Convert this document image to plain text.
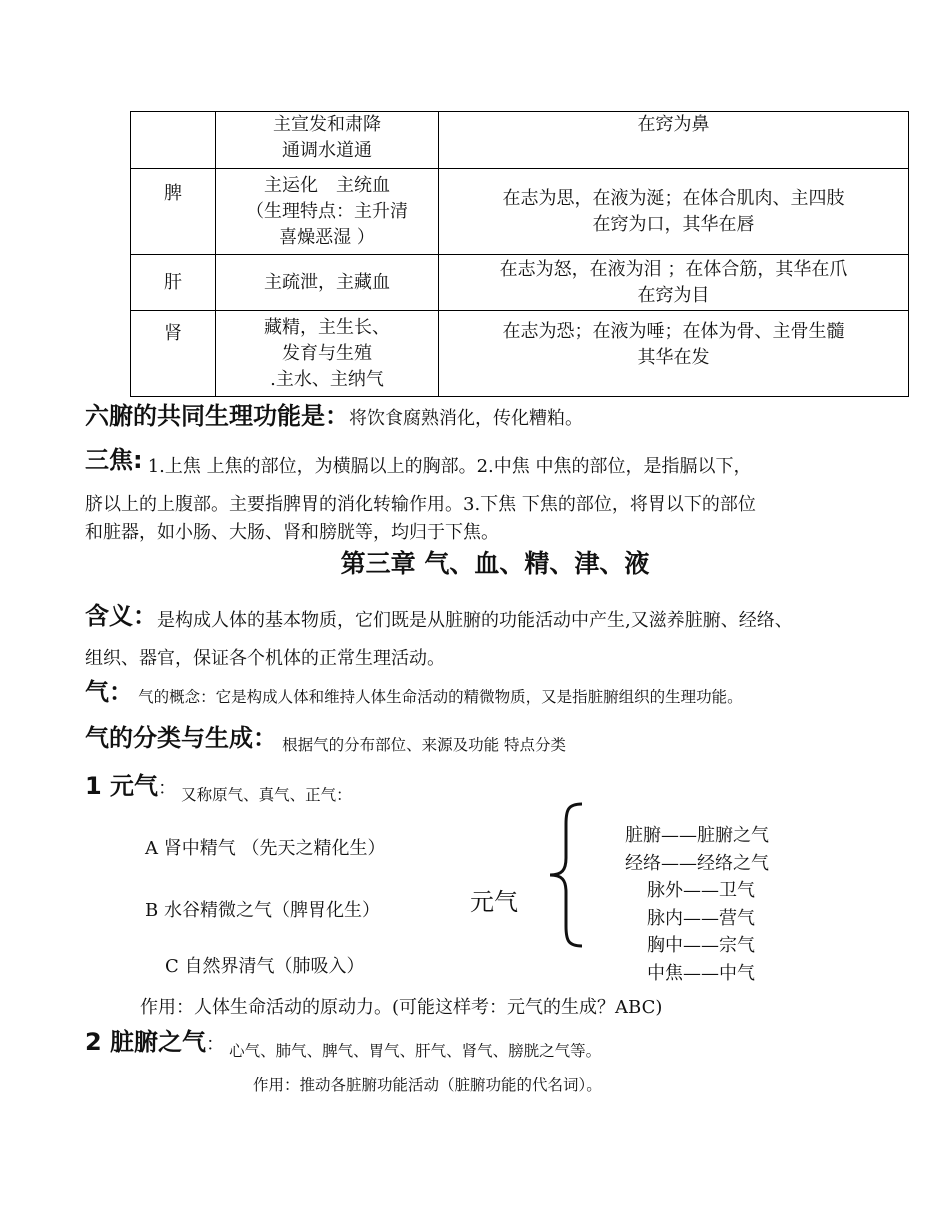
	主宣发和肃降
通调水道通	在窍为鼻

脾	主运化　主统血
（生理特点：主升清
喜燥恶湿 ）	在志为思，在液为涎；在体合肌肉、主四肢
在窍为口，其华在唇

肝	主疏泄，主藏血	在志为怒，在液为泪 ；在体合筋，其华在爪
在窍为目

肾	藏精，主生长、
发育与生殖
.主水、主纳气	在志为恐；在液为唾；在体为骨、主骨生髓
其华在发
六腑的共同生理功能是：将饮食腐熟消化，传化糟粕。
三焦: 1.上焦 上焦的部位，为横膈以上的胸部。2.中焦 中焦的部位，是指膈以下，
脐以上的上腹部。主要指脾胃的消化转输作用。3.下焦 下焦的部位，将胃以下的部位
和脏器，如小肠、大肠、肾和膀胱等，均归于下焦。
第三章 气、血、精、津、液
含义：是构成人体的基本物质，它们既是从脏腑的功能活动中产生,又滋养脏腑、经络、
组织、器官，保证各个机体的正常生理活动。
气： 气的概念：它是构成人体和维持人体生命活动的精微物质，又是指脏腑组织的生理功能。
气的分类与生成： 根据气的分布部位、来源及功能 特点分类
1 元气： 又称原气、真气、正气：
A 肾中精气 （先天之精化生）
B 水谷精微之气（脾胃化生）
C 自然界清气（肺吸入）
元气
脏腑——脏腑之气
经络——经络之气
脉外——卫气
脉内——营气
胸中——宗气
中焦——中气
作用：人体生命活动的原动力。(可能这样考：元气的生成？ABC)
2 脏腑之气： 心气、肺气、脾气、胃气、肝气、肾气、膀胱之气等。
作用：推动各脏腑功能活动（脏腑功能的代名词）。
